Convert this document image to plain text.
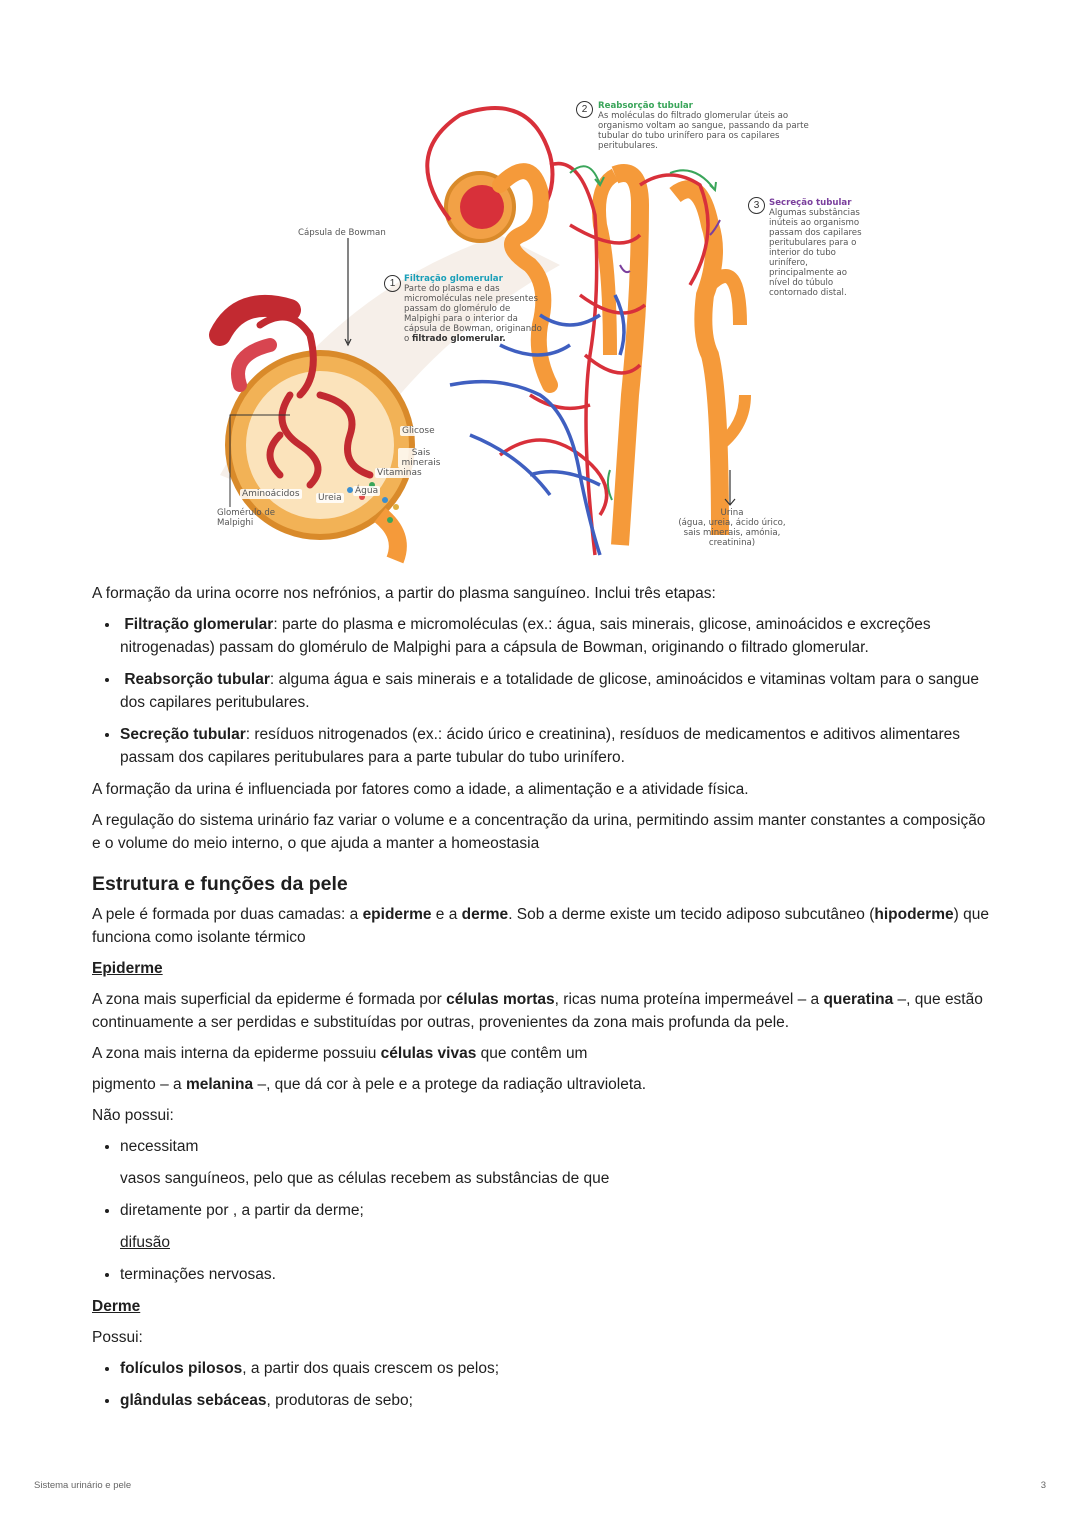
1	Filtração glomerular
Parte do plasma e das micromoléculas nele presentes passam do glomérulo de Malpighi para o interior da cápsula de Bowman, originando o filtrado glomerular.
2	Reabsorção tubular
As moléculas do filtrado glomerular úteis ao organismo voltam ao sangue, passando da parte tubular do tubo urinífero para os capilares peritubulares.
3	Secreção tubular
Algumas substâncias inúteis ao organismo passam dos capilares peritubulares para o interior do tubo urinífero, principalmente ao nível do túbulo contornado distal.
Cápsula de Bowman
Glicose
Sais minerais
Vitaminas
Aminoácidos Ureia
Água
Glomérulo de Malpighi
Urina
(água, ureia, ácido úrico, sais minerais, amónia, creatinina)

A formação da urina ocorre nos nefrónios, a partir do plasma sanguíneo. Inclui três etapas:

• Filtração glomerular: parte do plasma e micromoléculas (ex.: água, sais minerais, glicose, aminoácidos e excreções nitrogenadas) passam do glomérulo de Malpighi para a cápsula de Bowman, originando o filtrado glomerular.
• Reabsorção tubular: alguma água e sais minerais e a totalidade de glicose, aminoácidos e vitaminas voltam para o sangue dos capilares peritubulares.
• Secreção tubular: resíduos nitrogenados (ex.: ácido úrico e creatinina), resíduos de medicamentos e aditivos alimentares passam dos capilares peritubulares para a parte tubular do tubo urinífero.

A formação da urina é influenciada por fatores como a idade, a alimentação e a atividade física.

A regulação do sistema urinário faz variar o volume e a concentração da urina, permitindo assim manter constantes a composição e o volume do meio interno, o que ajuda a manter a homeostasia

Estrutura e funções da pele

A pele é formada por duas camadas: a epiderme e a derme. Sob a derme existe um tecido adiposo subcutâneo (hipoderme) que funciona como isolante térmico

Epiderme

A zona mais superficial da epiderme é formada por células mortas, ricas numa proteína impermeável – a queratina –, que estão continuamente a ser perdidas e substituídas por outras, provenientes da zona mais profunda da pele.

A zona mais interna da epiderme possuiu células vivas que contêm um

pigmento – a melanina –, que dá cor à pele e a protege da radiação ultravioleta.

Não possui:

• necessitam
vasos sanguíneos, pelo que as células recebem as substâncias de que
• diretamente por , a partir da derme;
difusão
• terminações nervosas.

Derme

Possui:

• folículos pilosos, a partir dos quais crescem os pelos;
• glândulas sebáceas, produtoras de sebo;
Sistema urinário e pele	3
